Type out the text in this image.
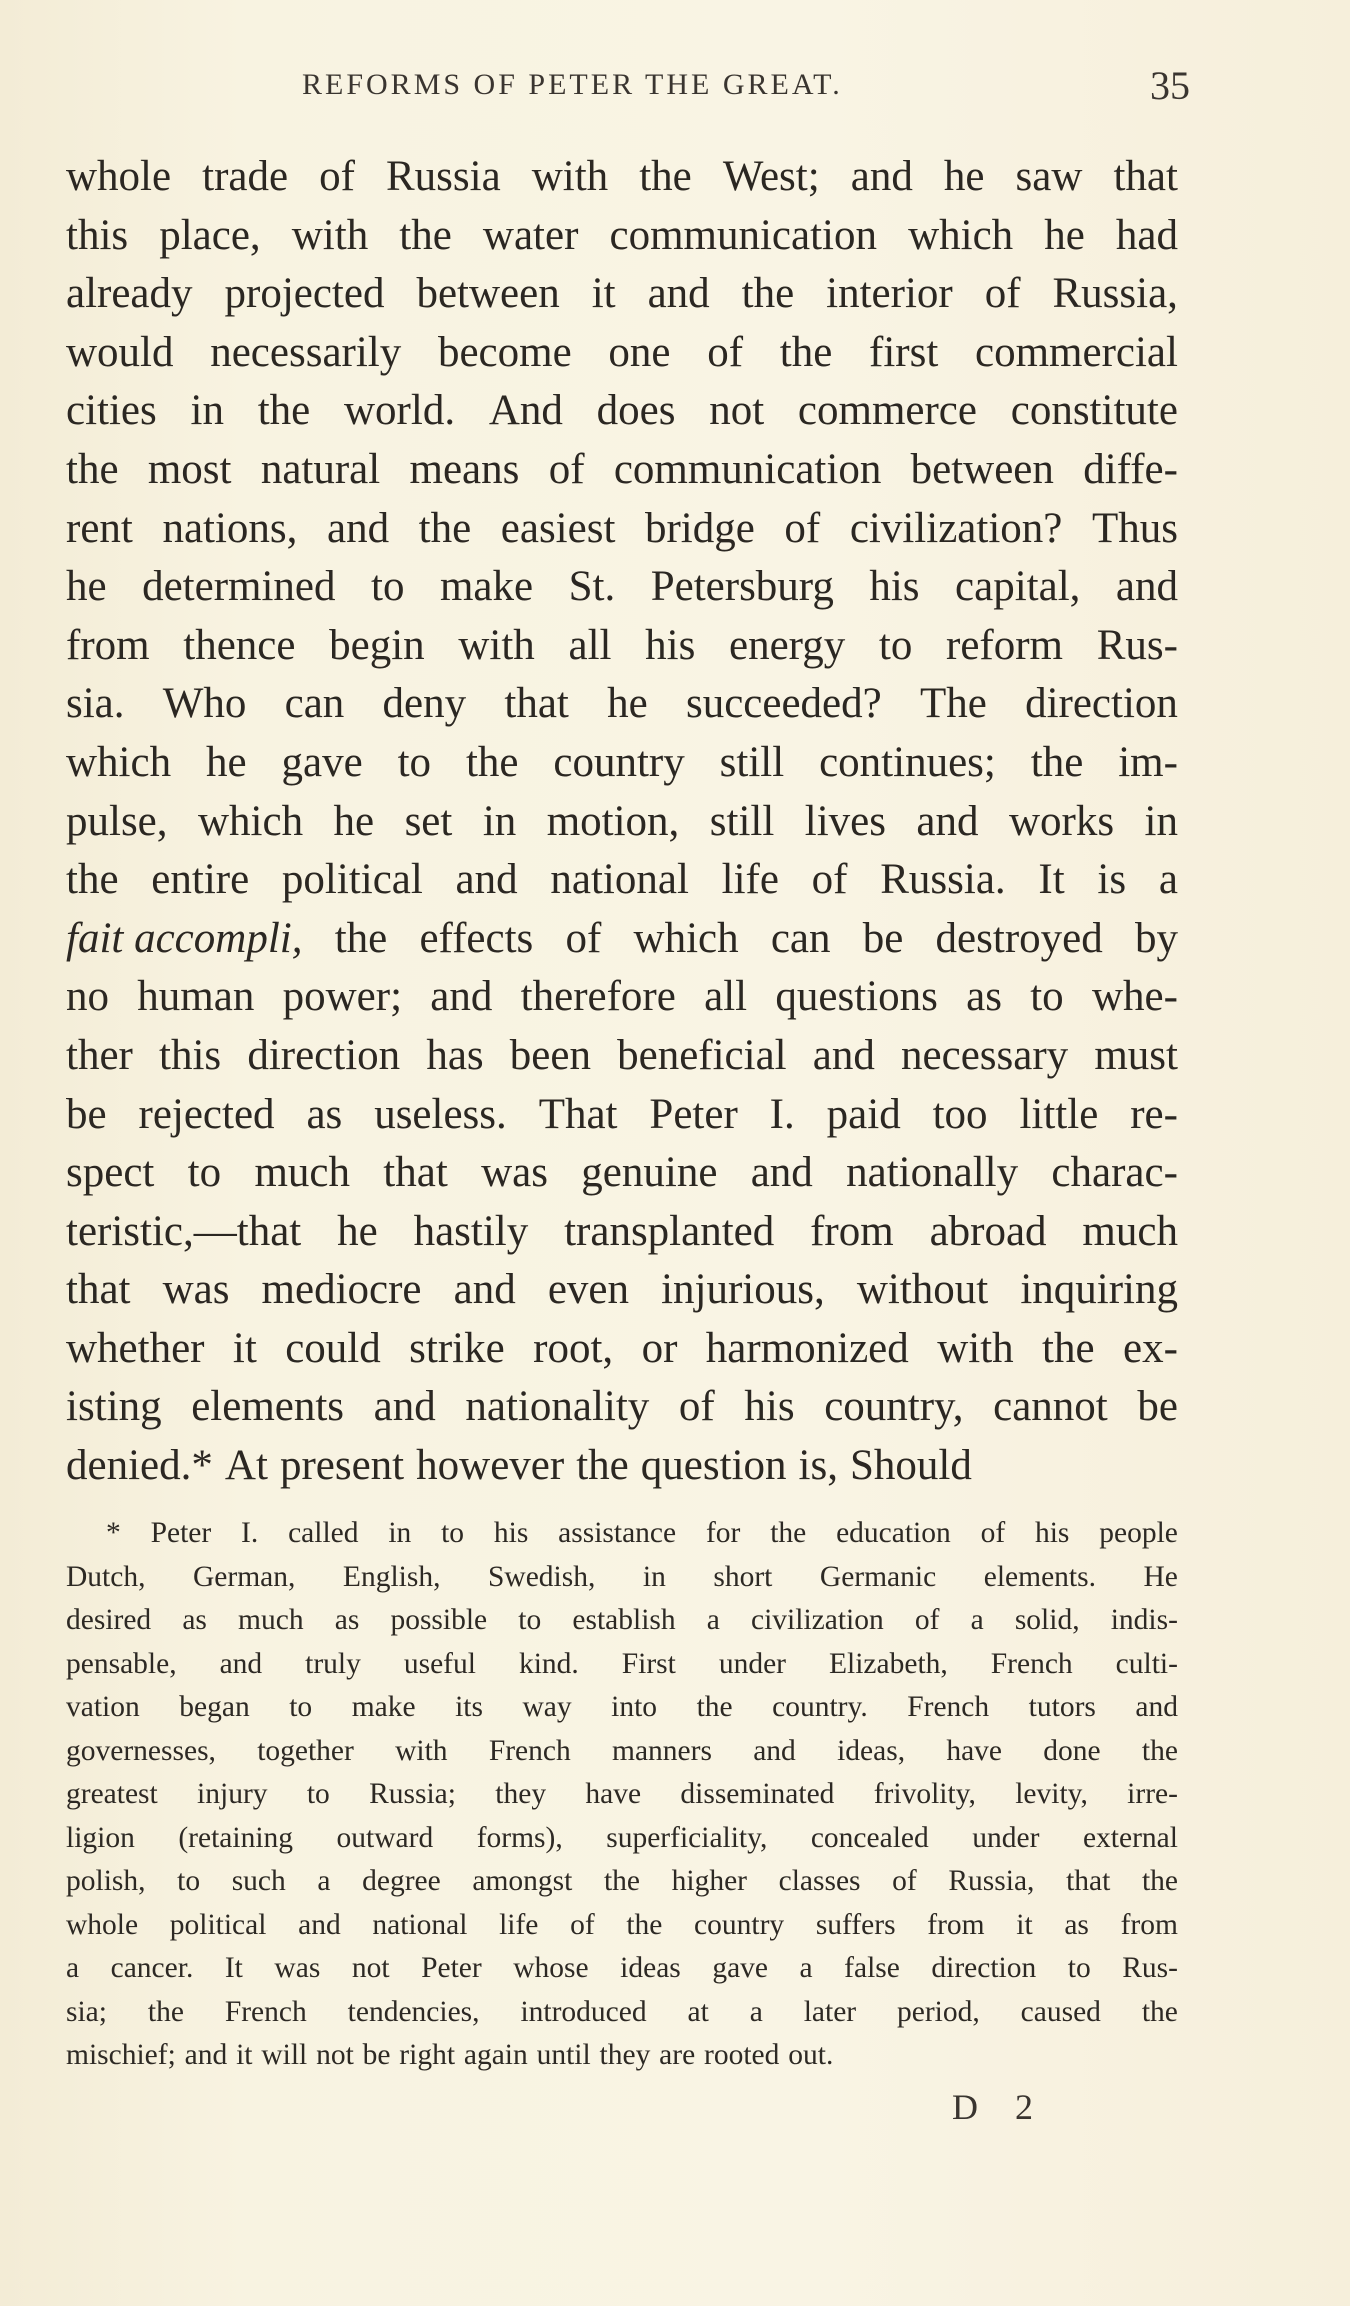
REFORMS OF PETER THE GREAT.	35
whole trade of Russia with the West; and he saw that
this place, with the water communication which he had
already projected between it and the interior of Russia,
would necessarily become one of the first commercial
cities in the world. And does not commerce constitute
the most natural means of communication between diffe-
rent nations, and the easiest bridge of civilization? Thus
he determined to make St. Petersburg his capital, and
from thence begin with all his energy to reform Rus-
sia. Who can deny that he succeeded? The direction
which he gave to the country still continues; the im-
pulse, which he set in motion, still lives and works in
the entire political and national life of Russia. It is a
fait accompli, the effects of which can be destroyed by
no human power; and therefore all questions as to whe-
ther this direction has been beneficial and necessary must
be rejected as useless. That Peter I. paid too little re-
spect to much that was genuine and nationally charac-
teristic,—that he hastily transplanted from abroad much
that was mediocre and even injurious, without inquiring
whether it could strike root, or harmonized with the ex-
isting elements and nationality of his country, cannot be
denied.* At present however the question is, Should
* Peter I. called in to his assistance for the education of his people
Dutch, German, English, Swedish, in short Germanic elements. He
desired as much as possible to establish a civilization of a solid, indis-
pensable, and truly useful kind. First under Elizabeth, French culti-
vation began to make its way into the country. French tutors and
governesses, together with French manners and ideas, have done the
greatest injury to Russia; they have disseminated frivolity, levity, irre-
ligion (retaining outward forms), superficiality, concealed under external
polish, to such a degree amongst the higher classes of Russia, that the
whole political and national life of the country suffers from it as from
a cancer. It was not Peter whose ideas gave a false direction to Rus-
sia; the French tendencies, introduced at a later period, caused the
mischief; and it will not be right again until they are rooted out.
D 2
